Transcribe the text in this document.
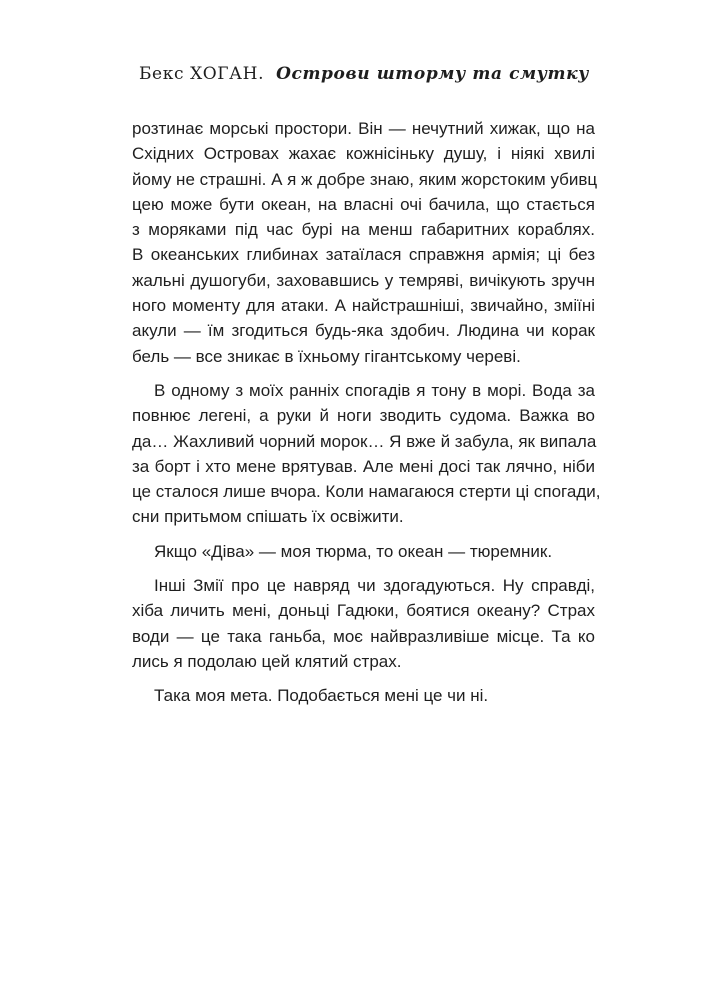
Бекс ХОГАН. Острови шторму та смутку
розтинає морські простори. Він — нечутний хижак, що на
Східних Островах жахає кожнісіньку душу, і ніякі хвилі
йому не страшні. А я ж добре знаю, яким жорстоким убивц
цею може бути океан, на власні очі бачила, що стається
з моряками під час бурі на менш габаритних кораблях.
В океанських глибинах затаїлася справжня армія; ці без
жальні душогуби, заховавшись у темряві, вичікують зручн
ного моменту для атаки. А найстрашніші, звичайно, зміїні
акули — їм згодиться будь-яка здобич. Людина чи корак
бель — все зникає в їхньому гігантському череві.
В одному з моїх ранніх спогадів я тону в морі. Вода за
повнює легені, а руки й ноги зводить судома. Важка во
да… Жахливий чорний морок… Я вже й забула, як випала
за борт і хто мене врятував. Але мені досі так лячно, ніби
це сталося лише вчора. Коли намагаюся стерти ці спогади,
сни притьмом спішать їх освіжити.
Якщо «Діва» — моя тюрма, то океан — тюремник.
Інші Змії про це навряд чи здогадуються. Ну справді,
хіба личить мені, доньці Гадюки, боятися океану? Страх
води — це така ганьба, моє найвразливіше місце. Та ко
лись я подолаю цей клятий страх.
Така моя мета. Подобається мені це чи ні.
